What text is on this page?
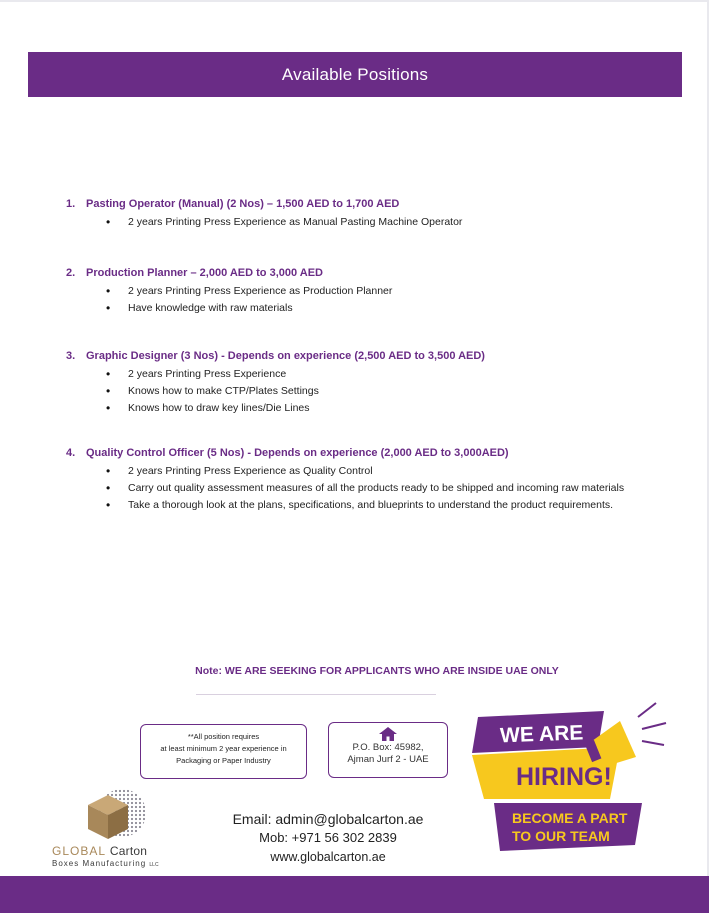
Available Positions
1. Pasting Operator (Manual) (2 Nos) – 1,500 AED to 1,700 AED
• 2 years Printing Press Experience as Manual Pasting Machine Operator
2. Production Planner – 2,000 AED to 3,000 AED
• 2 years Printing Press Experience as Production Planner
• Have knowledge with raw materials
3. Graphic Designer (3 Nos) - Depends on experience (2,500 AED to 3,500 AED)
• 2 years Printing Press Experience
• Knows how to make CTP/Plates Settings
• Knows how to draw key lines/Die Lines
4. Quality Control Officer (5 Nos) - Depends on experience (2,000 AED to 3,000AED)
• 2 years Printing Press Experience as Quality Control
• Carry out quality assessment measures of all the products ready to be shipped and incoming raw materials
• Take a thorough look at the plans, specifications, and blueprints to understand the product requirements.
Note: WE ARE SEEKING FOR APPLICANTS WHO ARE INSIDE UAE ONLY
**All position requires
at least minimum 2 year experience in
Packaging or Paper Industry
P.O. Box: 45982,
Ajman Jurf 2 - UAE
WE ARE
HIRING!
BECOME A PART
TO OUR TEAM
Email: admin@globalcarton.ae
Mob: +971 56 302 2839
www.globalcarton.ae
GLOBAL Carton
Boxes Manufacturing LLC
